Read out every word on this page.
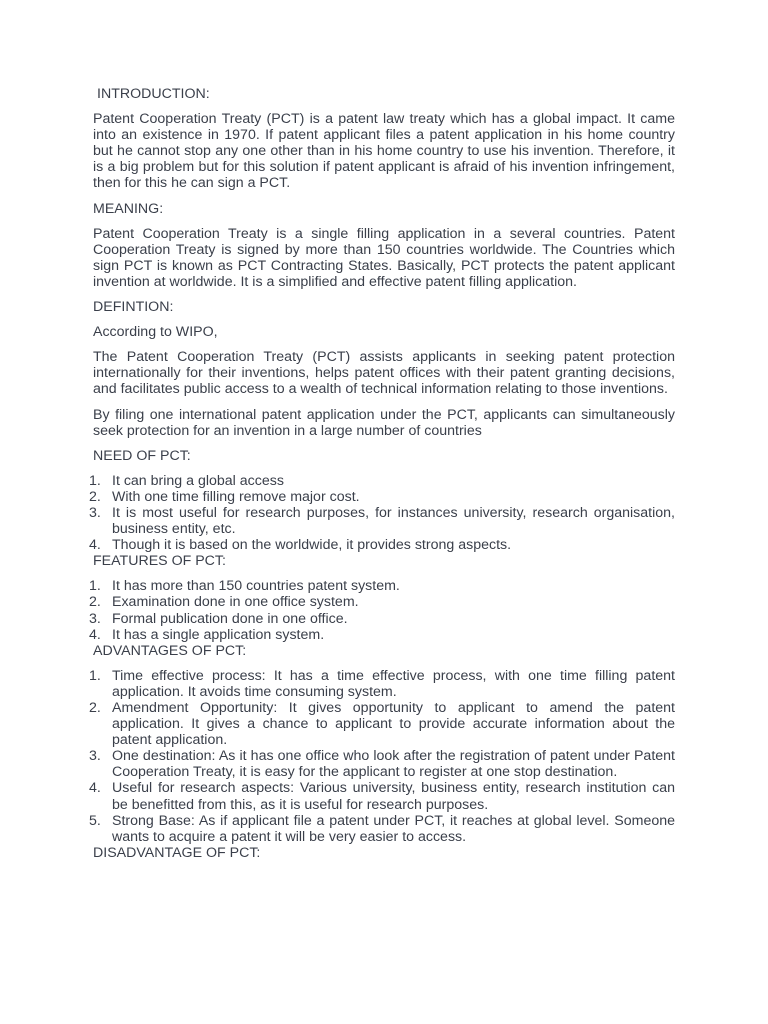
INTRODUCTION:

Patent Cooperation Treaty (PCT) is a patent law treaty which has a global impact. It came into an existence in 1970. If patent applicant files a patent application in his home country but he cannot stop any one other than in his home country to use his invention. Therefore, it is a big problem but for this solution if patent applicant is afraid of his invention infringement, then for this he can sign a PCT.

MEANING:

Patent Cooperation Treaty is a single filling application in a several countries. Patent Cooperation Treaty is signed by more than 150 countries worldwide. The Countries which sign PCT is known as PCT Contracting States. Basically, PCT protects the patent applicant invention at worldwide. It is a simplified and effective patent filling application.

DEFINTION:

According to WIPO,

The Patent Cooperation Treaty (PCT) assists applicants in seeking patent protection internationally for their inventions, helps patent offices with their patent granting decisions, and facilitates public access to a wealth of technical information relating to those inventions.

By filing one international patent application under the PCT, applicants can simultaneously seek protection for an invention in a large number of countries

NEED OF PCT:

1. It can bring a global access
2. With one time filling remove major cost.
3. It is most useful for research purposes, for instances university, research organisation, business entity, etc.
4. Though it is based on the worldwide, it provides strong aspects.

FEATURES OF PCT:

1. It has more than 150 countries patent system.
2. Examination done in one office system.
3. Formal publication done in one office.
4. It has a single application system.

ADVANTAGES OF PCT:

1. Time effective process: It has a time effective process, with one time filling patent application. It avoids time consuming system.
2. Amendment Opportunity: It gives opportunity to applicant to amend the patent application. It gives a chance to applicant to provide accurate information about the patent application.
3. One destination: As it has one office who look after the registration of patent under Patent Cooperation Treaty, it is easy for the applicant to register at one stop destination.
4. Useful for research aspects: Various university, business entity, research institution can be benefitted from this, as it is useful for research purposes.
5. Strong Base: As if applicant file a patent under PCT, it reaches at global level. Someone wants to acquire a patent it will be very easier to access.

DISADVANTAGE OF PCT:
